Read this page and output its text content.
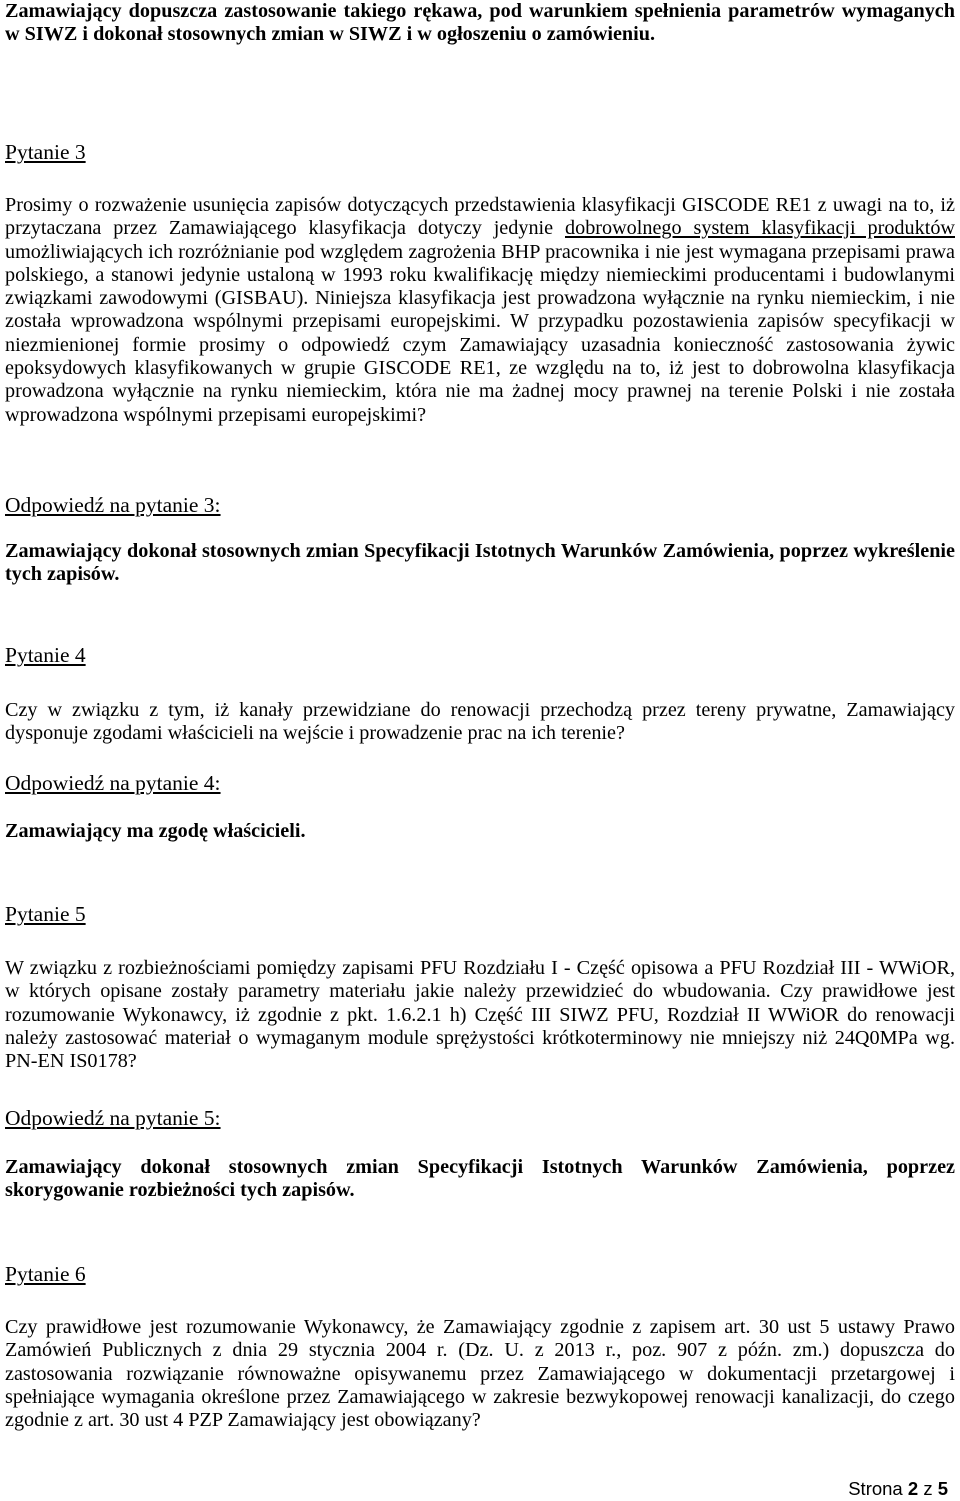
Zamawiający dopuszcza zastosowanie takiego rękawa, pod warunkiem spełnienia parametrów wymaganych w SIWZ i dokonał stosownych zmian w SIWZ i w ogłoszeniu o zamówieniu.

Pytanie 3

Prosimy o rozważenie usunięcia zapisów dotyczących przedstawienia klasyfikacji GISCODE RE1 z uwagi na to, iż przytaczana przez Zamawiającego klasyfikacja dotyczy jedynie dobrowolnego system klasyfikacji produktów umożliwiających ich rozróżnianie pod względem zagrożenia BHP pracownika i nie jest wymagana przepisami prawa polskiego, a stanowi jedynie ustaloną w 1993 roku kwalifikację między niemieckimi producentami i budowlanymi związkami zawodowymi (GISBAU). Niniejsza klasyfikacja jest prowadzona wyłącznie na rynku niemieckim, i nie została wprowadzona wspólnymi przepisami europejskimi. W przypadku pozostawienia zapisów specyfikacji w niezmienionej formie prosimy o odpowiedź czym Zamawiający uzasadnia konieczność zastosowania żywic epoksydowych klasyfikowanych w grupie GISCODE RE1, ze względu na to, iż jest to dobrowolna klasyfikacja prowadzona wyłącznie na rynku niemieckim, która nie ma żadnej mocy prawnej na terenie Polski i nie została wprowadzona wspólnymi przepisami europejskimi?

Odpowiedź na pytanie 3:

Zamawiający dokonał stosownych zmian Specyfikacji Istotnych Warunków Zamówienia, poprzez wykreślenie tych zapisów.

Pytanie 4

Czy w związku z tym, iż kanały przewidziane do renowacji przechodzą przez tereny prywatne, Zamawiający dysponuje zgodami właścicieli na wejście i prowadzenie prac na ich terenie?

Odpowiedź na pytanie 4:

Zamawiający ma zgodę właścicieli.

Pytanie 5

W związku z rozbieżnościami pomiędzy zapisami PFU Rozdziału I - Część opisowa a PFU Rozdział III - WWiOR, w których opisane zostały parametry materiału jakie należy przewidzieć do wbudowania. Czy prawidłowe jest rozumowanie Wykonawcy, iż zgodnie z pkt. 1.6.2.1 h) Część III SIWZ PFU, Rozdział II WWiOR do renowacji należy zastosować materiał o wymaganym module sprężystości krótkoterminowy nie mniejszy niż 24Q0MPa wg. PN-EN IS0178?

Odpowiedź na pytanie 5:

Zamawiający dokonał stosownych zmian Specyfikacji Istotnych Warunków Zamówienia, poprzez skorygowanie rozbieżności tych zapisów.

Pytanie 6

Czy prawidłowe jest rozumowanie Wykonawcy, że Zamawiający zgodnie z zapisem art. 30 ust 5 ustawy Prawo Zamówień Publicznych z dnia 29 stycznia 2004 r. (Dz. U. z 2013 r., poz. 907 z późn. zm.) dopuszcza do zastosowania rozwiązanie równoważne opisywanemu przez Zamawiającego w dokumentacji przetargowej i spełniające wymagania określone przez Zamawiającego w zakresie bezwykopowej renowacji kanalizacji, do czego zgodnie z art. 30 ust 4 PZP Zamawiający jest obowiązany?

Strona 2 z 5
